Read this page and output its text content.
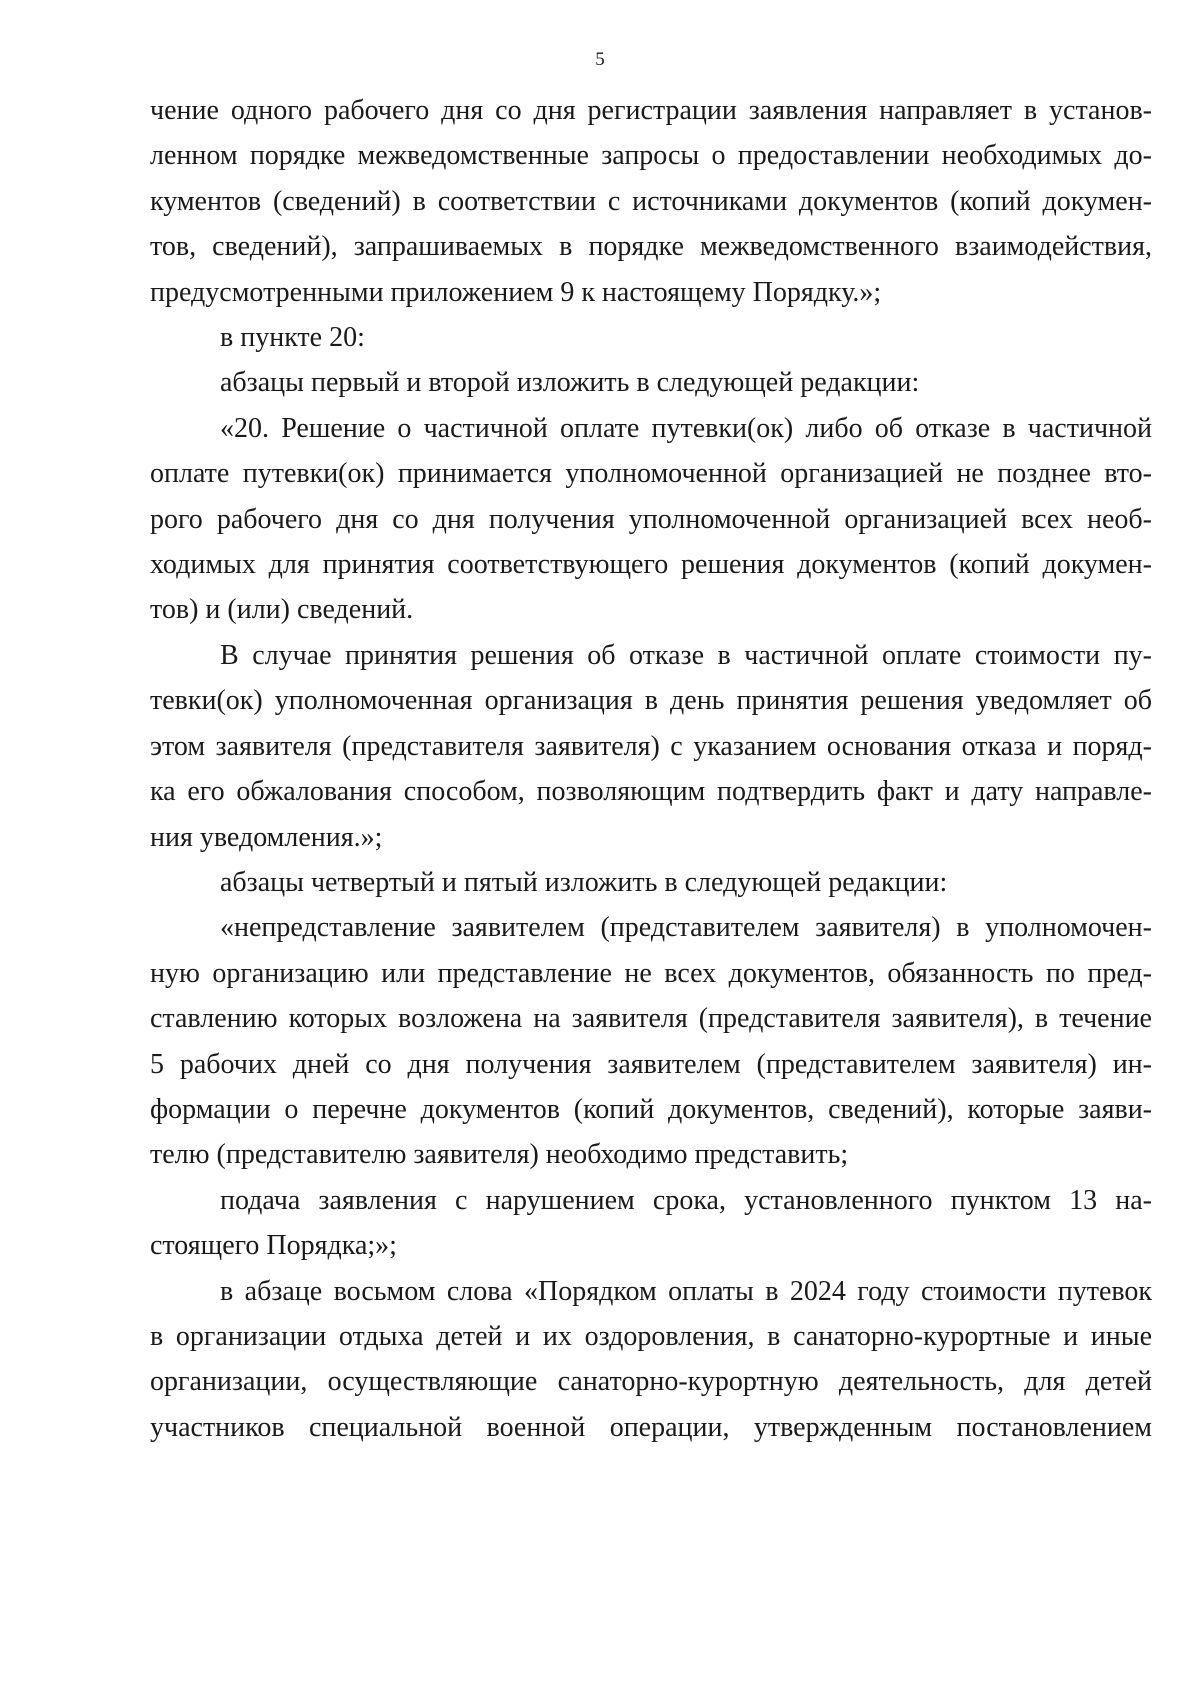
5

чение одного рабочего дня со дня регистрации заявления направляет в установ-

ленном порядке межведомственные запросы о предоставлении необходимых до-

кументов (сведений) в соответствии с источниками документов (копий докумен-

тов, сведений), запрашиваемых в порядке межведомственного взаимодействия,

предусмотренными приложением 9 к настоящему Порядку.»;

в пункте 20:

абзацы первый и второй изложить в следующей редакции:

«20. Решение о частичной оплате путевки(ок) либо об отказе в частичной

оплате путевки(ок) принимается уполномоченной организацией не позднее вто-

рого рабочего дня со дня получения уполномоченной организацией всех необ-

ходимых для принятия соответствующего решения документов (копий докумен-

тов) и (или) сведений.

В случае принятия решения об отказе в частичной оплате стоимости пу-

тевки(ок) уполномоченная организация в день принятия решения уведомляет об

этом заявителя (представителя заявителя) с указанием основания отказа и поряд-

ка его обжалования способом, позволяющим подтвердить факт и дату направле-

ния уведомления.»;

абзацы четвертый и пятый изложить в следующей редакции:

«непредставление заявителем (представителем заявителя) в уполномочен-

ную организацию или представление не всех документов, обязанность по пред-

ставлению которых возложена на заявителя (представителя заявителя), в течение

5 рабочих дней со дня получения заявителем (представителем заявителя) ин-

формации о перечне документов (копий документов, сведений), которые заяви-

телю (представителю заявителя) необходимо представить;

подача заявления с нарушением срока, установленного пунктом 13 на-

стоящего Порядка;»;

в абзаце восьмом слова «Порядком оплаты в 2024 году стоимости путевок

в организации отдыха детей и их оздоровления, в санаторно-курортные и иные

организации, осуществляющие санаторно-курортную деятельность, для детей

участников специальной военной операции, утвержденным постановлением
